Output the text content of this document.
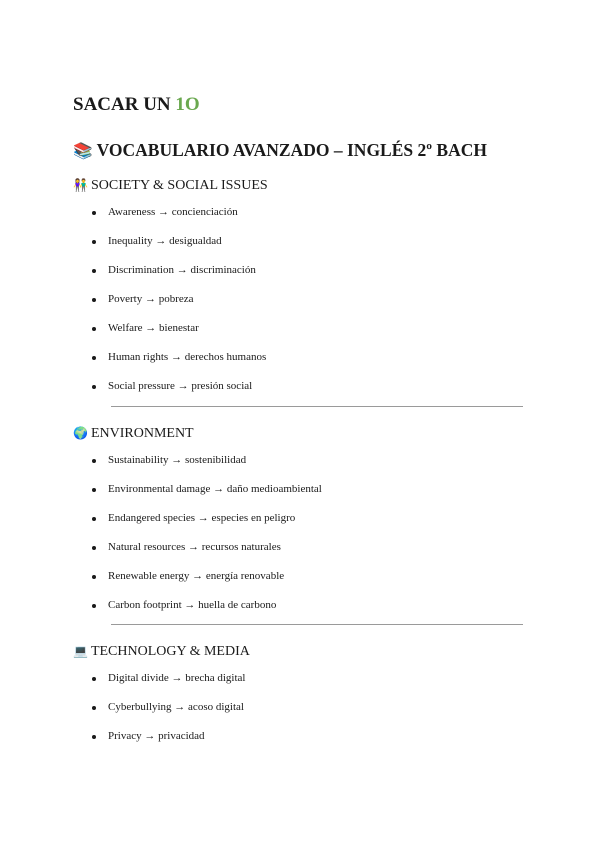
SACAR UN 1O
📚 VOCABULARIO AVANZADO – INGLÉS 2º BACH
👫 SOCIETY & SOCIAL ISSUES
Awareness → concienciación
Inequality → desigualdad
Discrimination → discriminación
Poverty → pobreza
Welfare → bienestar
Human rights → derechos humanos
Social pressure → presión social
🌍 ENVIRONMENT
Sustainability → sostenibilidad
Environmental damage → daño medioambiental
Endangered species → especies en peligro
Natural resources → recursos naturales
Renewable energy → energía renovable
Carbon footprint → huella de carbono
💻 TECHNOLOGY & MEDIA
Digital divide → brecha digital
Cyberbullying → acoso digital
Privacy → privacidad
